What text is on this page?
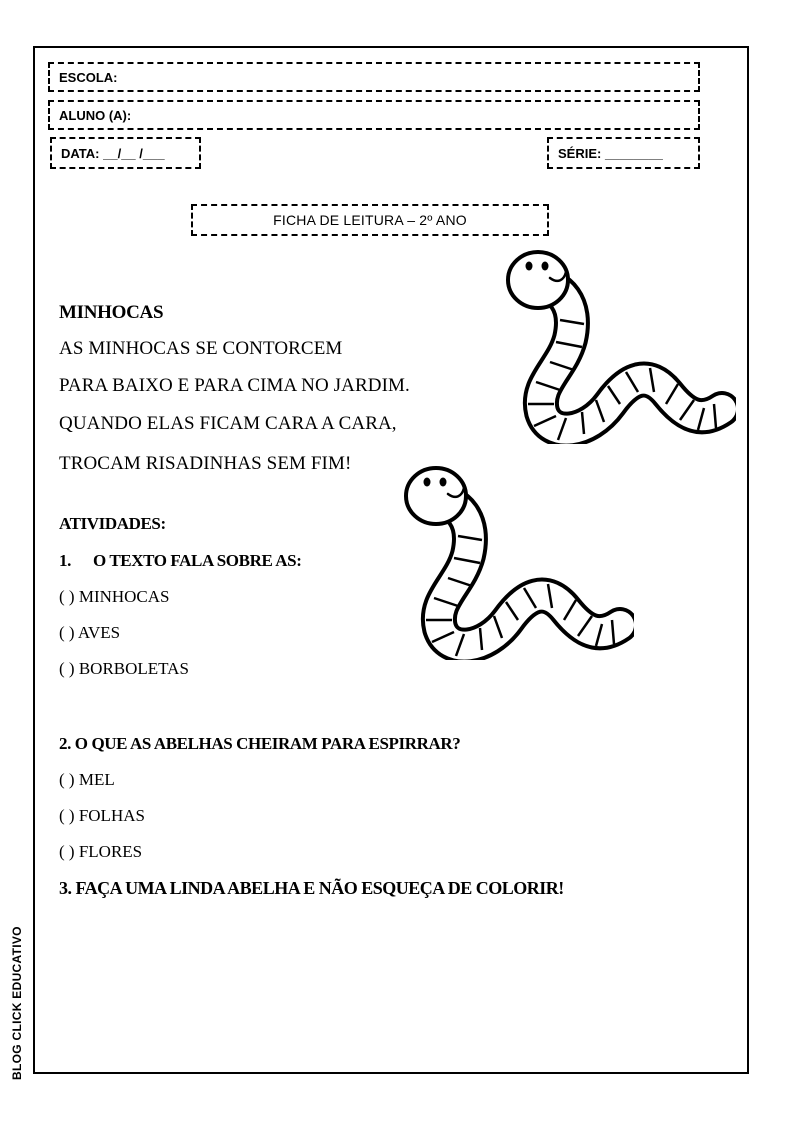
ESCOLA:
ALUNO (A):
DATA: __/__ /___	SÉRIE: ________
FICHA DE LEITURA – 2º ANO
MINHOCAS
AS MINHOCAS SE CONTORCEM
PARA BAIXO E PARA CIMA NO JARDIM.
QUANDO ELAS FICAM CARA A CARA,
TROCAM RISADINHAS SEM FIM!
ATIVIDADES:
1. O TEXTO FALA SOBRE AS:
( ) MINHOCAS
( ) AVES
( ) BORBOLETAS
2. O QUE AS ABELHAS CHEIRAM PARA ESPIRRAR?
( ) MEL
( ) FOLHAS
( ) FLORES
3. FAÇA UMA LINDA ABELHA E NÃO ESQUEÇA DE COLORIR!
BLOG CLICK EDUCATIVO
